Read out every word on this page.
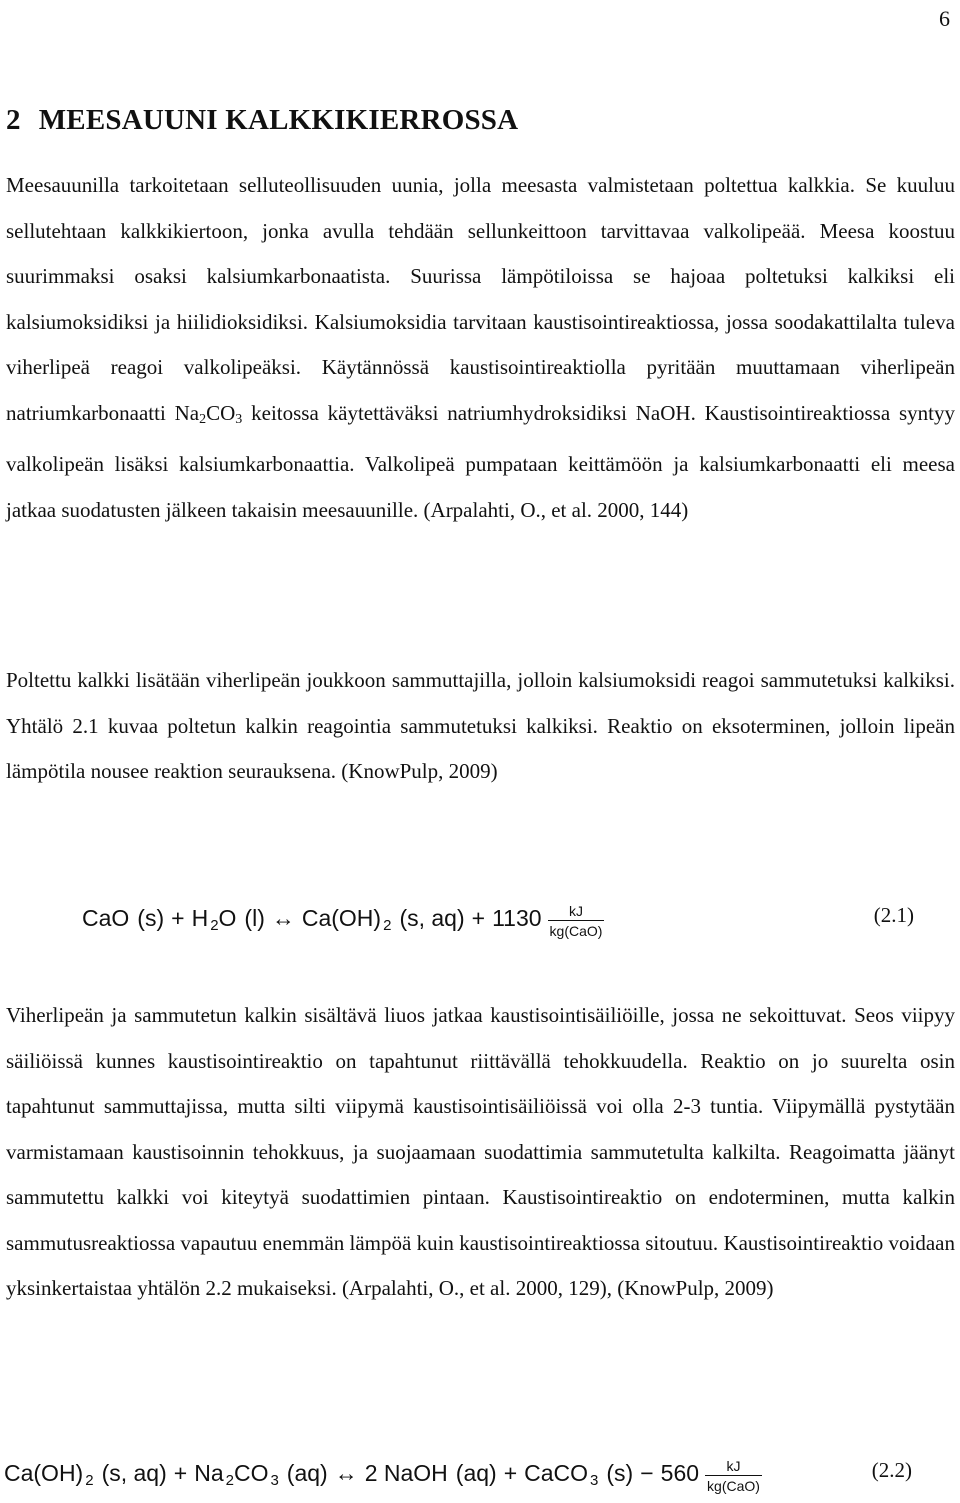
6
2 MEESAUUNI KALKKIKIERROSSA

Meesauunilla tarkoitetaan selluteollisuuden uunia, jolla meesasta valmistetaan poltettua kalkkia. Se kuuluu sellutehtaan kalkkikiertoon, jonka avulla tehdään sellunkeittoon tarvittavaa valkolipeää. Meesa koostuu suurimmaksi osaksi kalsiumkarbonaatista. Suurissa lämpötiloissa se hajoaa poltetuksi kalkiksi eli kalsiumoksidiksi ja hiilidioksidiksi. Kalsiumoksidia tarvitaan kaustisointireaktiossa, jossa soodakattilalta tuleva viherlipeä reagoi valkolipeäksi. Käytännössä kaustisointireaktiolla pyritään muuttamaan viherlipeän natriumkarbonaatti $Na_2CO_3$ keitossa käytettäväksi natriumhydroksidiksi NaOH. Kaustisointireaktiossa syntyy valkolipeän lisäksi kalsiumkarbonaattia. Valkolipeä pumpataan keittämöön ja kalsiumkarbonaatti eli meesa jatkaa suodatusten jälkeen takaisin meesauunille. (Arpalahti, O., et al. 2000, 144)

Poltettu kalkki lisätään viherlipeän joukkoon sammuttajilla, jolloin kalsiumoksidi reagoi sammutetuksi kalkiksi. Yhtälö 2.1 kuvaa poltetun kalkin reagointia sammutetuksi kalkiksi. Reaktio on eksoterminen, jolloin lipeän lämpötila nousee reaktion seurauksena. (KnowPulp, 2009)

CaO (s) + H 2 O (l) ↔ Ca(OH) 2 (s, $aq) + 1130 \frac{kJ}{\text{kg(CaO)}}$	(2.1)

Viherlipeän ja sammutetun kalkin sisältävä liuos jatkaa kaustisointisäiliöille, jossa ne sekoittuvat. Seos viipyy säiliöissä kunnes kaustisointireaktio on tapahtunut riittävällä tehokkuudella. Reaktio on jo suurelta osin tapahtunut sammuttajissa, mutta silti viipymä kaustisointisäiliöissä voi olla 2-3 tuntia. Viipymällä pystytään varmistamaan kaustisoinnin tehokkuus, ja suojaamaan suodattimia sammutetulta kalkilta. Reagoimatta jäänyt sammutettu kalkki voi kiteytyä suodattimien pintaan. Kaustisointireaktio on endoterminen, mutta kalkin sammutusreaktiossa vapautuu enemmän lämpöä kuin kaustisointireaktiossa sitoutuu. Kaustisointireaktio voidaan yksinkertaistaa yhtälön 2.2 mukaiseksi. (Arpalahti, O., et al. 2000, 129), (KnowPulp, 2009)

Ca(OH) 2 (s, aq) + Na 2 CO 3 (aq) ↔ 2 NaOH (aq) + CaCO 3 $(s) - 560 \frac{kJ}{\text{kg(CaO)}}$	(2.2)
